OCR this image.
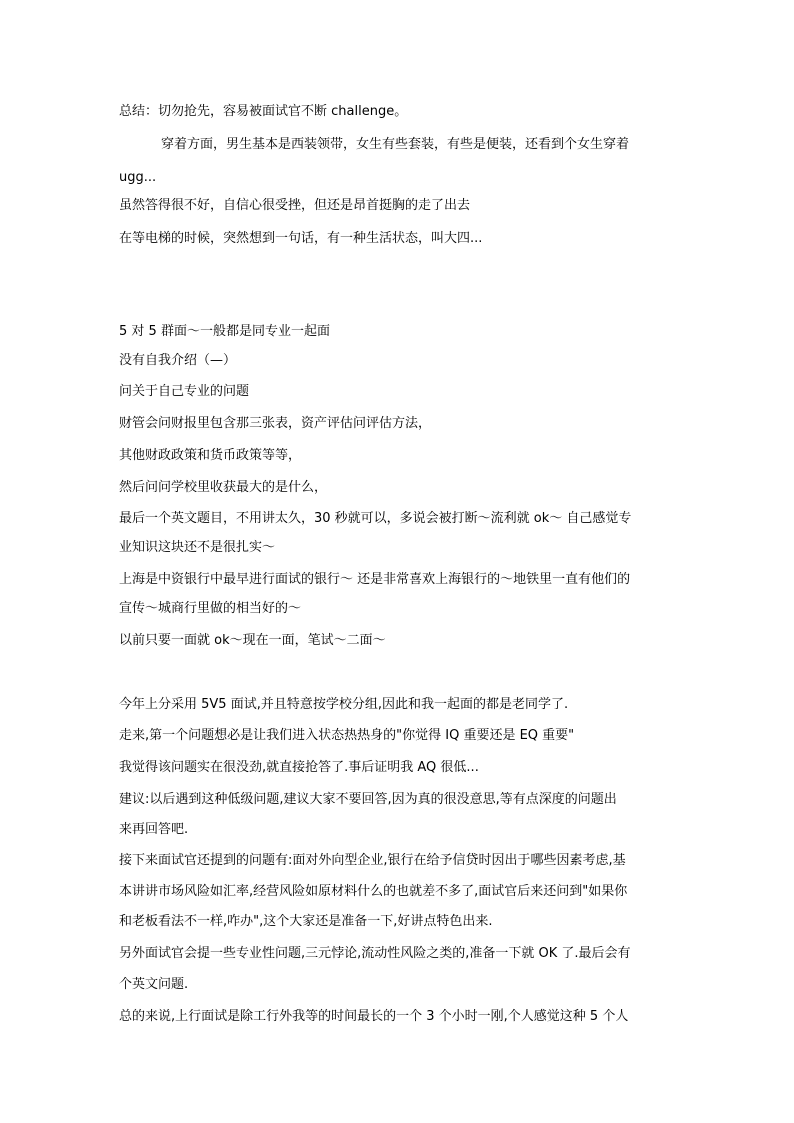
总结：切勿抢先，容易被面试官不断 challenge。
穿着方面，男生基本是西装领带，女生有些套装，有些是便装，还看到个女生穿着
ugg...
虽然答得很不好，自信心很受挫，但还是昂首挺胸的走了出去
在等电梯的时候，突然想到一句话，有一种生活状态，叫大四...
5 对 5 群面～一般都是同专业一起面
没有自我介绍（—）
问关于自己专业的问题
财管会问财报里包含那三张表，资产评估问评估方法，
其他财政政策和货币政策等等，
然后问问学校里收获最大的是什么，
最后一个英文题目，不用讲太久，30 秒就可以，多说会被打断～流利就 ok～ 自己感觉专
业知识这块还不是很扎实～
上海是中资银行中最早进行面试的银行～ 还是非常喜欢上海银行的～地铁里一直有他们的
宣传～城商行里做的相当好的～
以前只要一面就 ok～现在一面，笔试～二面～
今年上分采用 5V5 面试,并且特意按学校分组,因此和我一起面的都是老同学了.
走来,第一个问题想必是让我们进入状态热热身的"你觉得 IQ 重要还是 EQ 重要"
我觉得该问题实在很没劲,就直接抢答了.事后证明我 AQ 很低...
建议:以后遇到这种低级问题,建议大家不要回答,因为真的很没意思,等有点深度的问题出
来再回答吧.
接下来面试官还提到的问题有:面对外向型企业,银行在给予信贷时因出于哪些因素考虑,基
本讲讲市场风险如汇率,经营风险如原材料什么的也就差不多了,面试官后来还问到"如果你
和老板看法不一样,咋办",这个大家还是准备一下,好讲点特色出来.
另外面试官会提一些专业性问题,三元悖论,流动性风险之类的,准备一下就 OK 了.最后会有
个英文问题.
总的来说,上行面试是除工行外我等的时间最长的一个 3 个小时一刚,个人感觉这种 5 个人
